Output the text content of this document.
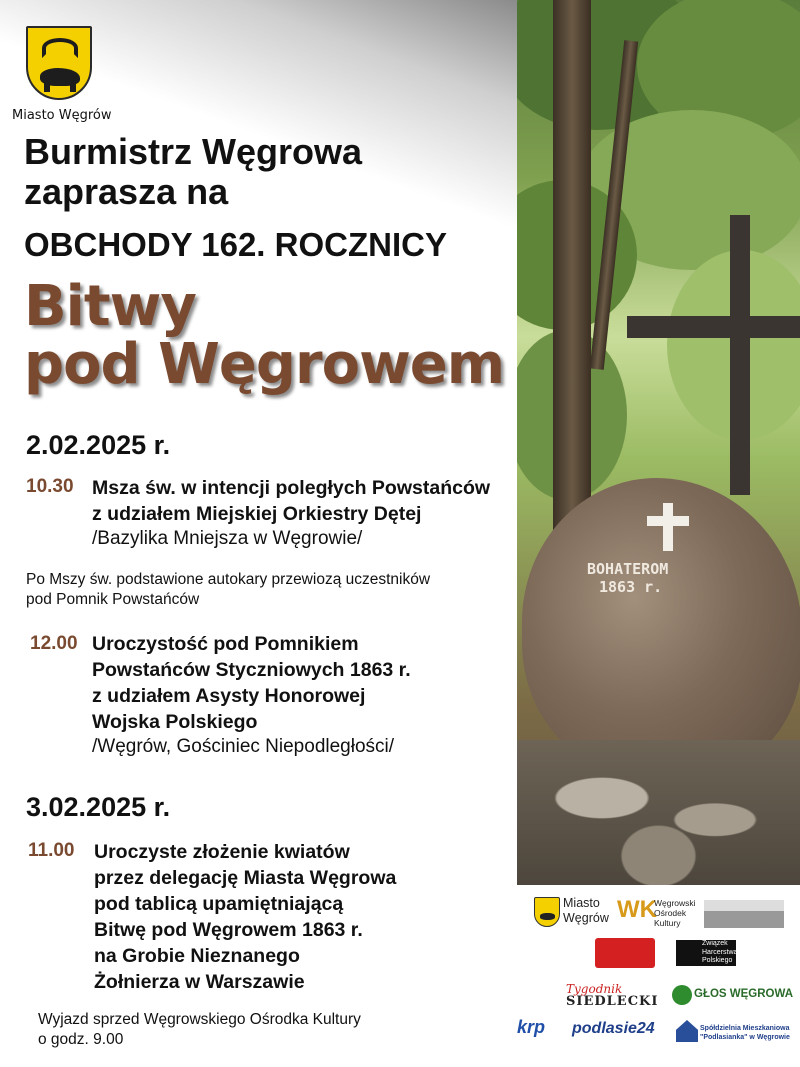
BOHATEROM
1863 r.
Miasto Węgrów
Burmistrz Węgrowa
zaprasza na
OBCHODY 162. ROCZNICY
Bitwy
pod Węgrowem
2.02.2025 r.
10.30 Msza św. w intencji poległych Powstańców
z udziałem Miejskiej Orkiestry Dętej
/Bazylika Mniejsza w Węgrowie/
Po Mszy św. podstawione autokary przewiozą uczestników
pod Pomnik Powstańców
12.00 Uroczystość pod Pomnikiem
Powstańców Styczniowych 1863 r.
z udziałem Asysty Honorowej
Wojska Polskiego
/Węgrów, Gościniec Niepodległości/
3.02.2025 r.
11.00 Uroczyste złożenie kwiatów
przez delegację Miasta Węgrowa
pod tablicą upamiętniającą
Bitwę pod Węgrowem 1863 r.
na Grobie Nieznanego
Żołnierza w Warszawie
Wyjazd sprzed Węgrowskiego Ośrodka Kultury
o godz. 9.00
Miasto Węgrów WK
Węgrowski
Ośrodek
Kultury
Związek
Harcerstwa
Polskiego
Tygodnik
SIEDLECKI	GŁOS WĘGROWA
krp podlasie24	Spółdzielnia Mieszkaniowa
"Podlasianka" w Węgrowie
